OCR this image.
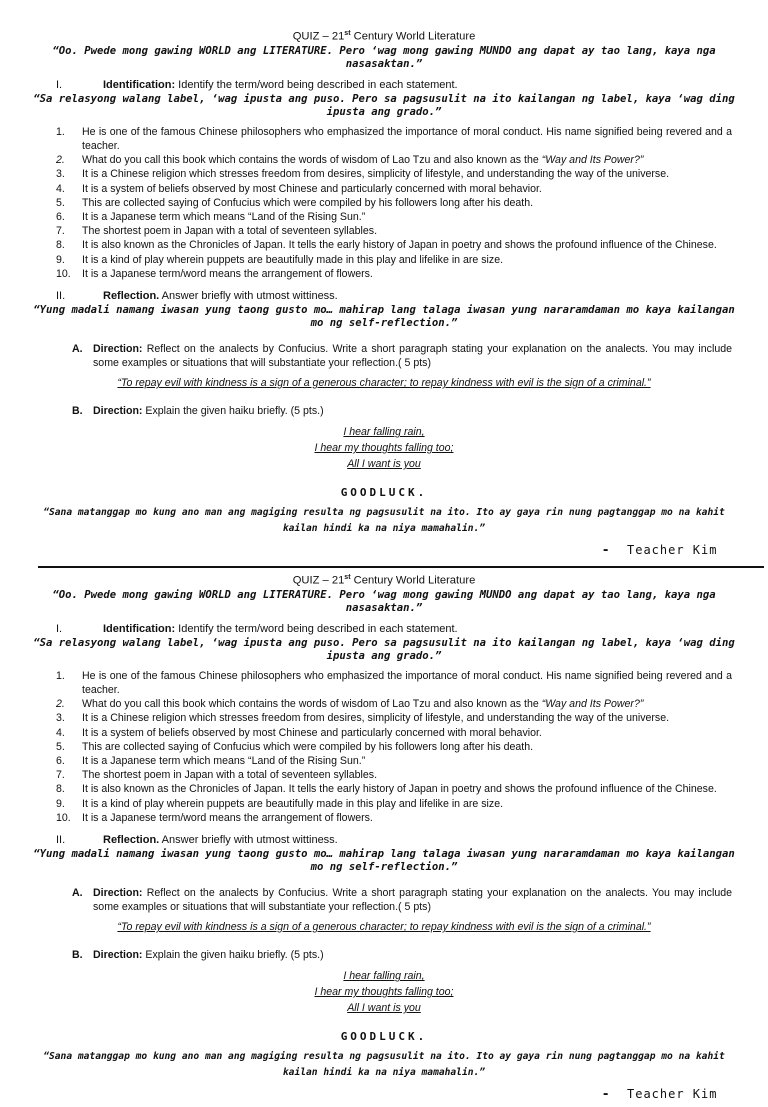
QUIZ – 21st Century World Literature
“Oo. Pwede mong gawing WORLD ang LITERATURE. Pero ‘wag mong gawing MUNDO ang dapat ay tao lang, kaya nga nasasaktan.”
I.	Identification: Identify the term/word being described in each statement.
“Sa relasyong walang label, ‘wag ipusta ang puso. Pero sa pagsusulit na ito kailangan ng label, kaya ‘wag ding ipusta ang grado.”
1.	He is one of the famous Chinese philosophers who emphasized the importance of moral conduct. His name signified being revered and a teacher.
2.	What do you call this book which contains the words of wisdom of Lao Tzu and also known as the “Way and Its Power?”
3.	It is a Chinese religion which stresses freedom from desires, simplicity of lifestyle, and understanding the way of the universe.
4.	It is a system of beliefs observed by most Chinese and particularly concerned with moral behavior.
5.	This are collected saying of Confucius which were compiled by his followers long after his death.
6.	It is a Japanese term which means “Land of the Rising Sun.”
7.	The shortest poem in Japan with a total of seventeen syllables.
8.	It is also known as the Chronicles of Japan. It tells the early history of Japan in poetry and shows the profound influence of the Chinese.
9.	It is a kind of play wherein puppets are beautifully made in this play and lifelike in are size.
10.	It is a Japanese term/word means the arrangement of flowers.
II.	Reflection. Answer briefly with utmost wittiness.
“Yung madali namang iwasan yung taong gusto mo… mahirap lang talaga iwasan yung nararamdaman mo kaya kailangan mo ng self-reflection.”
A. Direction: Reflect on the analects by Confucius. Write a short paragraph stating your explanation on the analects. You may include some examples or situations that will substantiate your reflection.( 5 pts)
“To repay evil with kindness is a sign of a generous character; to repay kindness with evil is the sign of a criminal.”
B. Direction: Explain the given haiku briefly. (5 pts.)
I hear falling rain,
I hear my thoughts falling too;
All I want is you
GOODLUCK.
“Sana matanggap mo kung ano man ang magiging resulta ng pagsusulit na ito. Ito ay gaya rin nung pagtanggap mo na kahit kailan hindi ka na niya mamahalin.”
- Teacher Kim
QUIZ – 21st Century World Literature
“Oo. Pwede mong gawing WORLD ang LITERATURE. Pero ‘wag mong gawing MUNDO ang dapat ay tao lang, kaya nga nasasaktan.”
I.	Identification: Identify the term/word being described in each statement.
“Sa relasyong walang label, ‘wag ipusta ang puso. Pero sa pagsusulit na ito kailangan ng label, kaya ‘wag ding ipusta ang grado.”
1.	He is one of the famous Chinese philosophers who emphasized the importance of moral conduct. His name signified being revered and a teacher.
2.	What do you call this book which contains the words of wisdom of Lao Tzu and also known as the “Way and Its Power?”
3.	It is a Chinese religion which stresses freedom from desires, simplicity of lifestyle, and understanding the way of the universe.
4.	It is a system of beliefs observed by most Chinese and particularly concerned with moral behavior.
5.	This are collected saying of Confucius which were compiled by his followers long after his death.
6.	It is a Japanese term which means “Land of the Rising Sun.”
7.	The shortest poem in Japan with a total of seventeen syllables.
8.	It is also known as the Chronicles of Japan. It tells the early history of Japan in poetry and shows the profound influence of the Chinese.
9.	It is a kind of play wherein puppets are beautifully made in this play and lifelike in are size.
10.	It is a Japanese term/word means the arrangement of flowers.
II.	Reflection. Answer briefly with utmost wittiness.
“Yung madali namang iwasan yung taong gusto mo… mahirap lang talaga iwasan yung nararamdaman mo kaya kailangan mo ng self-reflection.”
A. Direction: Reflect on the analects by Confucius. Write a short paragraph stating your explanation on the analects. You may include some examples or situations that will substantiate your reflection.( 5 pts)
“To repay evil with kindness is a sign of a generous character; to repay kindness with evil is the sign of a criminal.”
B. Direction: Explain the given haiku briefly. (5 pts.)
I hear falling rain,
I hear my thoughts falling too;
All I want is you
GOODLUCK.
“Sana matanggap mo kung ano man ang magiging resulta ng pagsusulit na ito. Ito ay gaya rin nung pagtanggap mo na kahit kailan hindi ka na niya mamahalin.”
- Teacher Kim
